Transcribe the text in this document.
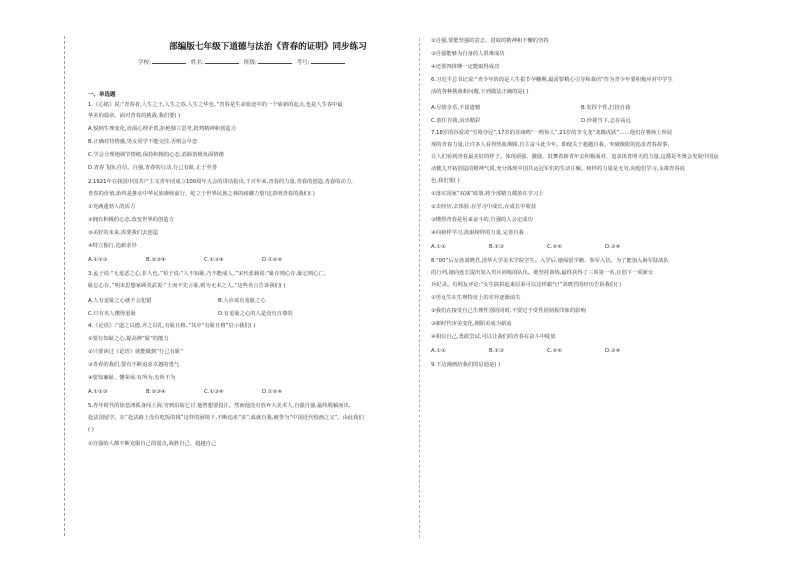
部编版七年级下道德与法治《青春的证明》同步练习
学校:	姓名:	班级:	考号:
一、单选题
1.《心铭》说:“青春者,人生之王,人生之春,人生之华也。”青春是生命旅途中的一个崭新的起点,也是人生春中最
华美的篇章。面对青春的挑战,我们要( )
A.悦纳生理变化,直面心理矛盾,拒绝独立思考,批判精神和创造力
B.正确对待情感,男女同学不能交往,否则会早恋
C.学会合理地调节情绪,保持积极的心态,消除消极负面情绪
D.青春飞扬,自信、自强,青春的行动,行己有耻,止于至善
2.1921年在我国中国共产主义青年团成立100周年大会的讲话指出,千百年来,青春的力量,青春的创造,青春的动力,
青春的价值,始终是推动中华民族赓续前行、屹立于世界民族之林的磅礴力量!这表明青春的我们( )
①充满蓬勃人的活力
②拥有积极的心态,改变世界的创造力
③美好的未来,需要我们去创造
④特立独行,追新求异
A.①②③	B.②③④	C.①③④	D.①②④
3.孟子说:“无羞恶之心,非人也。”荀子说:“人不知耻,乃不能成人。”宋代张载说:“耻存则心存,耻忘则心亡。
耻忘心存。”明末思想家顾炎武说:“士而不先言耻,则为无本之人。”这些名言告诉我们( )
A.人有羞耻之心就不会犯错	B.人应该有羞耻之心
C.只有名人懂得羞耻	D.有羞耻之心的人是没有自尊的
4.《论语》:“道之以德,齐之以礼,有耻且格。”其中“有耻且格”启示我们( )
①要有知耻之心,提高辨“耻”的能力
②只要读过《论语》就能做到“行己有耻”
③青春的我们,要有不断追求卓越的勇气
④要知廉耻、懂荣辱,有所为,有所不为
A.①②③	B.②③④	C.①③④	D.①②④
5.青年时代的徐悲鸿孤身闯上海,穷到沿街乞讨,他曾想要投江。然而他没有放弃大美术人,自强自强,最终脱颖而出,
赴法国留学。在“赴法路上没有吃饭的钱”这样的困境下,不断追求“美”,成就自我,被誉为“中国近代绘画之父”。由此我们
( )
①自强的人都不断克服自己的弱点,战胜自己、超越自己
②自强,要能坚强的意志、进取的精神和不懈的坚持
③自强能够为自身的人很难成功
④还要四拼搏一定能取得成功
6.习近平总书记说:“青少年阶段是人生拔节孕穗期,最需要精心引导和栽培”作为青少年要积极应对中学生
活的各种挑战和问题,下列做法正确的是( )
A.尽情享乐,不留遗憾	B.发挥个性,打扮自我
C.放任自我,活出精彩	D.珍视当下,志存高远
7.18岁的谷爱凌“雪境夺冠”,17岁的苏翊鸣“一鸣惊人”,21岁的李文龙“龙腾虎跃”……他们在赛场上所展
现的青春力量,让许多人看得热血沸腾,自主奋斗此少年。即使关于超越自我、突破极限的追求青春故事,
让人们看到青春最美好的样子。体现顽强、激励、鼓舞着新青年去积极面对、追求体育明天的力量,这都是冬奥会发展中国运
动健儿开拓创造的精神气质,充分体现中国共运冠军们的生动注解。榜样的力量是无穷,向他们学习,永葆青春底
色,我们要( )
①落实国家“双减”政策,将全部精力都放在学习上
②去经历,去体验,在学习中成长,在成长中收获
③懂得青春是用来奋斗的,自强的人会定成功
④向榜样学习,汲取榜样的力量,完善自我
A.①②	B.①③	C.②④	D.③④
8.“00”后女孩刘晓君,清华大学美术学院学生。入学后,她保留学籍、参军入伍。为了能加入海军陆战队
的行列,她向连长提出加入男兵训练的队伍。她坚持训练,最终获得了三项第一名,且创下一项新女
兵纪录。有网友评论:“女生搞拼起来原来可以这样霸气!”刘晓君的经历告诉我们( )
①男女生在生理特征上的差异逐渐消失
②我们在接受自己生理性别的同时,不要过于受性别刻板印象的影响
③新时代审美变化,刚阳美成为新流
④相信自己,勇敢尝试,可以让我们的青春在奋斗中绽放
A.①②	B.①③	C.②④	D.③④
9.下边漫画给我们的启迪是( )
